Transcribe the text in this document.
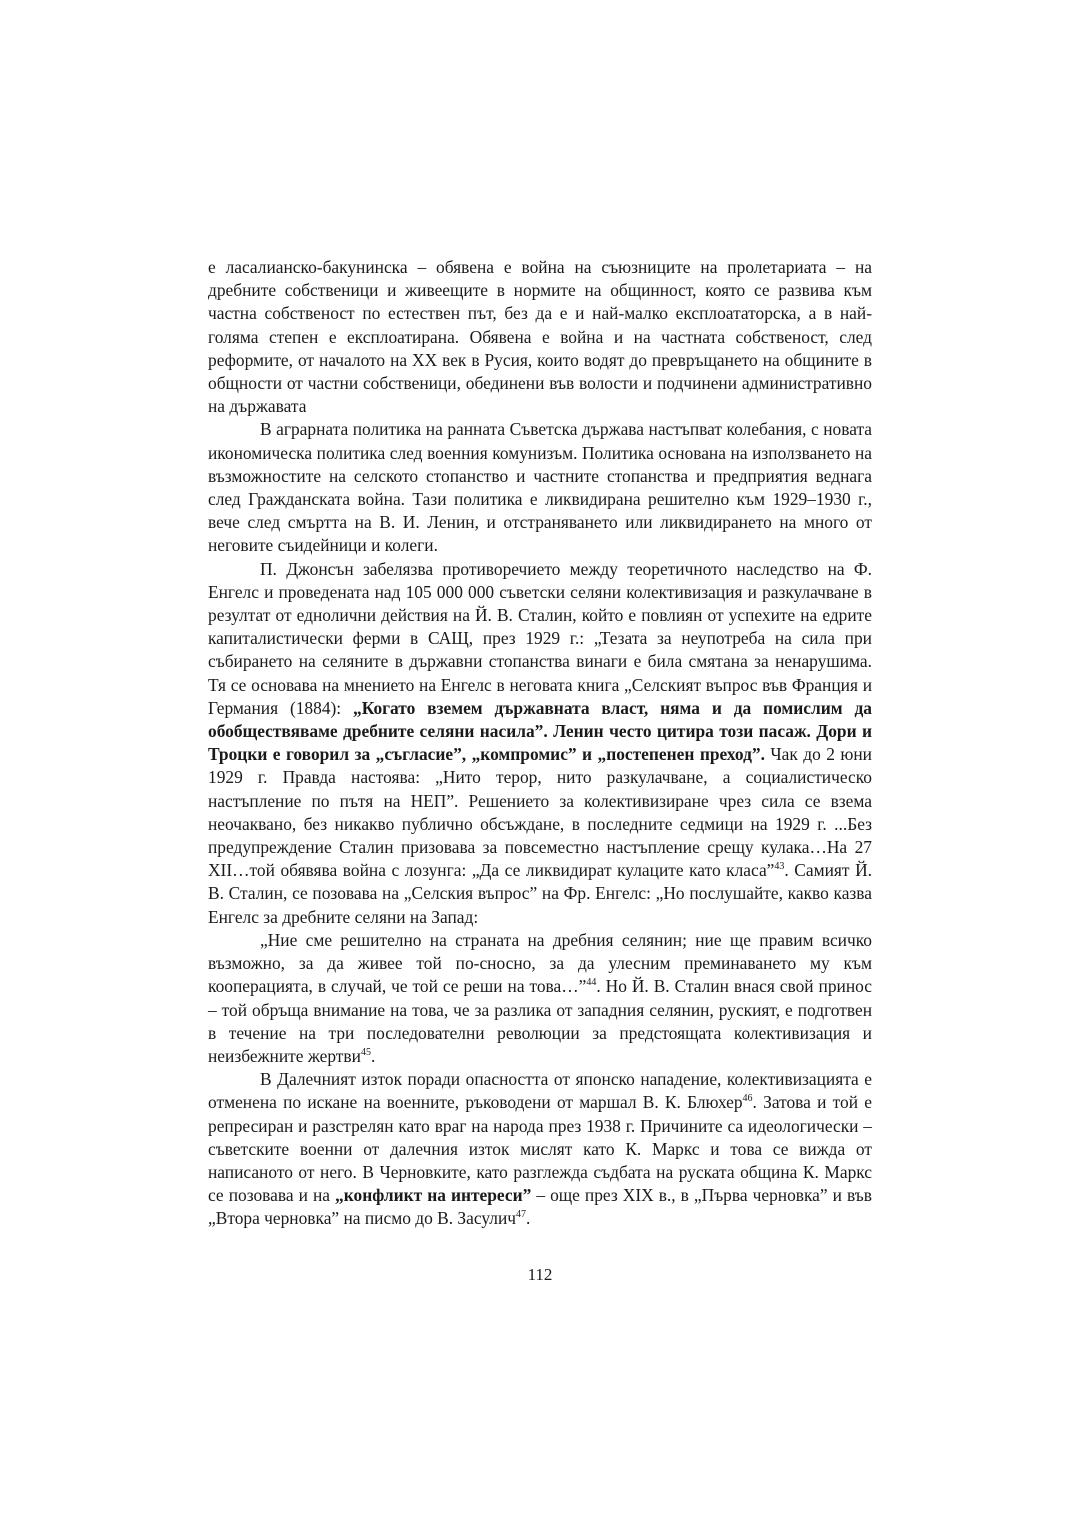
е ласалианско-бакунинска – обявена е война на съюзниците на пролетариата – на дребните собственици и живеещите в нормите на общинност, която се развива към частна собственост по естествен път, без да е и най-малко експлоататорска, а в най-голяма степен е експлоатирана. Обявена е война и на частната собственост, след реформите, от началото на XX век в Русия, които водят до превръщането на общините в общности от частни собственици, обединени във волости и подчинени административно на държавата

В аграрната политика на ранната Съветска държава настъпват колебания, с новата икономическа политика след военния комунизъм. Политика основана на използването на възможностите на селското стопанство и частните стопанства и предприятия веднага след Гражданската война. Тази политика е ликвидирана решително към 1929–1930 г., вече след смъртта на В. И. Ленин, и отстраняването или ликвидирането на много от неговите съидейници и колеги.

П. Джонсън забелязва противоречието между теоретичното наследство на Ф. Енгелс и проведената над 105 000 000 съветски селяни колективизация и разкулачване в резултат от еднолични действия на Й. В. Сталин, който е повлиян от успехите на едрите капиталистически ферми в САЩ, през 1929 г.: „Тезата за неупотреба на сила при събирането на селяните в държавни стопанства винаги е била смятана за ненарушима. Тя се основава на мнението на Енгелс в неговата книга „Селският въпрос във Франция и Германия (1884): „Когато вземем държавната власт, няма и да помислим да обобществяваме дребните селяни насила”. Ленин често цитира този пасаж. Дори и Троцки е говорил за „съгласие”, „компромис” и „постепенен преход”. Чак до 2 юни 1929 г. Правда настоява: „Нито терор, нито разкулачване, а социалистическо настъпление по пътя на НЕП”. Решението за колективизиране чрез сила се взема неочаквано, без никакво публично обсъждане, в последните седмици на 1929 г. ...Без предупреждение Сталин призовава за повсеместно настъпление срещу кулака…На 27 XII…той обявява война с лозунга: „Да се ликвидират кулаците като класа”$^{43}$. Самият Й. В. Сталин, се позовава на „Селския въпрос” на Фр. Енгелс: „Но послушайте, какво казва Енгелс за дребните селяни на Запад:

„Ние сме решително на страната на дребния селянин; ние ще правим всичко възможно, за да живее той по-сносно, за да улесним преминаването му към кооперацията, в случай, че той се реши на това…”$^{44}$. Но Й. В. Сталин внася свой принос – той обръща внимание на това, че за разлика от западния селянин, руският, е подготвен в течение на три последователни революции за предстоящата колективизация и неизбежните жертви$^{45}$.

В Далечният изток поради опасността от японско нападение, колективизацията е отменена по искане на военните, ръководени от маршал В. К. Блюхер$^{46}$. Затова и той е репресиран и разстрелян като враг на народа през 1938 г. Причините са идеологически – съветските военни от далечния изток мислят като К. Маркс и това се вижда от написаното от него. В Черновките, като разглежда съдбата на руската община К. Маркс се позовава и на „конфликт на интереси” – още през XIX в., в „Първа черновка” и във „Втора черновка” на писмо до В. Засулич$^{47}$.

112
